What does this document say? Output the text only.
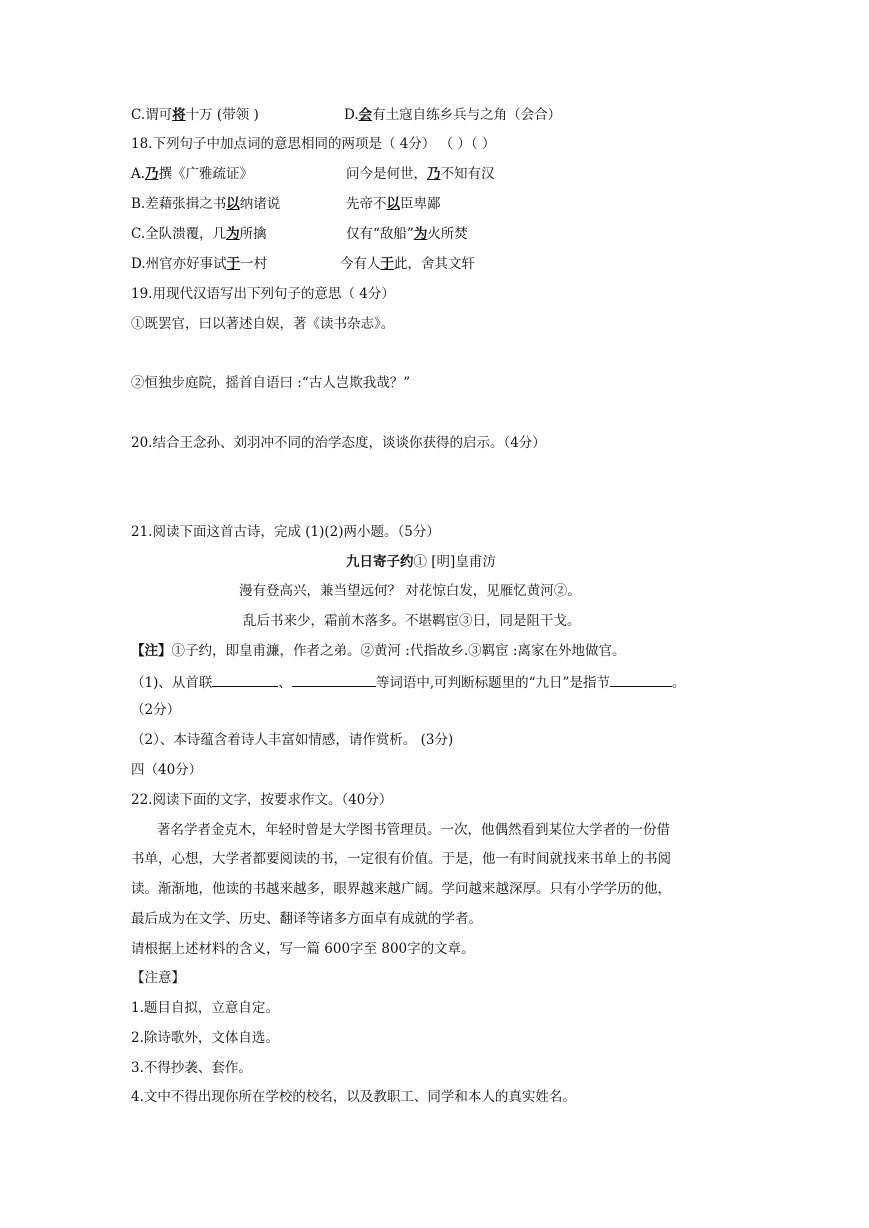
C.谓可将十万 (带领 )	D.会有土寇自练乡兵与之角（会合）
18.下列句子中加点词的意思相同的两项是（ 4分） （ ）（ ）
A.乃撰《广雅疏证》	问今是何世，乃不知有汉
B.差藉张揖之书以纳诸说	先帝不以臣卑鄙
C.全队溃覆，几为所擒	仅有“敌船”为火所焚
D.州官亦好事试于一村	今有人于此，舍其文轩
19.用现代汉语写出下列句子的意思（ 4分）
①既罢官，曰以著述自娱，著《读书杂志》。
②恒独步庭院，摇首自语曰 :“古人岂欺我哉？”
20.结合王念孙、刘羽冲不同的治学态度，谈谈你获得的启示。（4分）
21.阅读下面这首古诗，完成 (1)(2)两小题。（5分）
九日寄子约① [明]皇甫汸
漫有登高兴，兼当望远何？ 对花惊白发，见雁忆黄河②。
乱后书来少，霜前木落多。不堪羁宦③日，同是阻干戈。
【注】①子约，即皇甫濂，作者之弟。②黄河 :代指故乡.③羁宦 :离家在外地做官。
（1)、从首联	、	等词语中,可判断标题里的“九日”是指节	。
（2分）
（2）、本诗蕴含着诗人丰富如情感，请作赏析。 (3分)
四（40分）
22.阅读下面的文字，按要求作文。（40分）
著名学者金克木，年轻时曾是大学图书管理员。一次，他偶然看到某位大学者的一份借
书单，心想，大学者都要阅读的书，一定很有价值。于是，他一有时间就找来书单上的书阅
读。渐渐地，他读的书越来越多，眼界越来越广阔。学问越来越深厚。只有小学学历的他，
最后成为在文学、历史、翻译等诸多方面卓有成就的学者。
请根据上述材料的含义，写一篇 600字至 800字的文章。
【注意】
1.题目自拟，立意自定。
2.除诗歌外，文体自选。
3.不得抄袭、套作。
4.文中不得出现你所在学校的校名，以及教职工、同学和本人的真实姓名。
